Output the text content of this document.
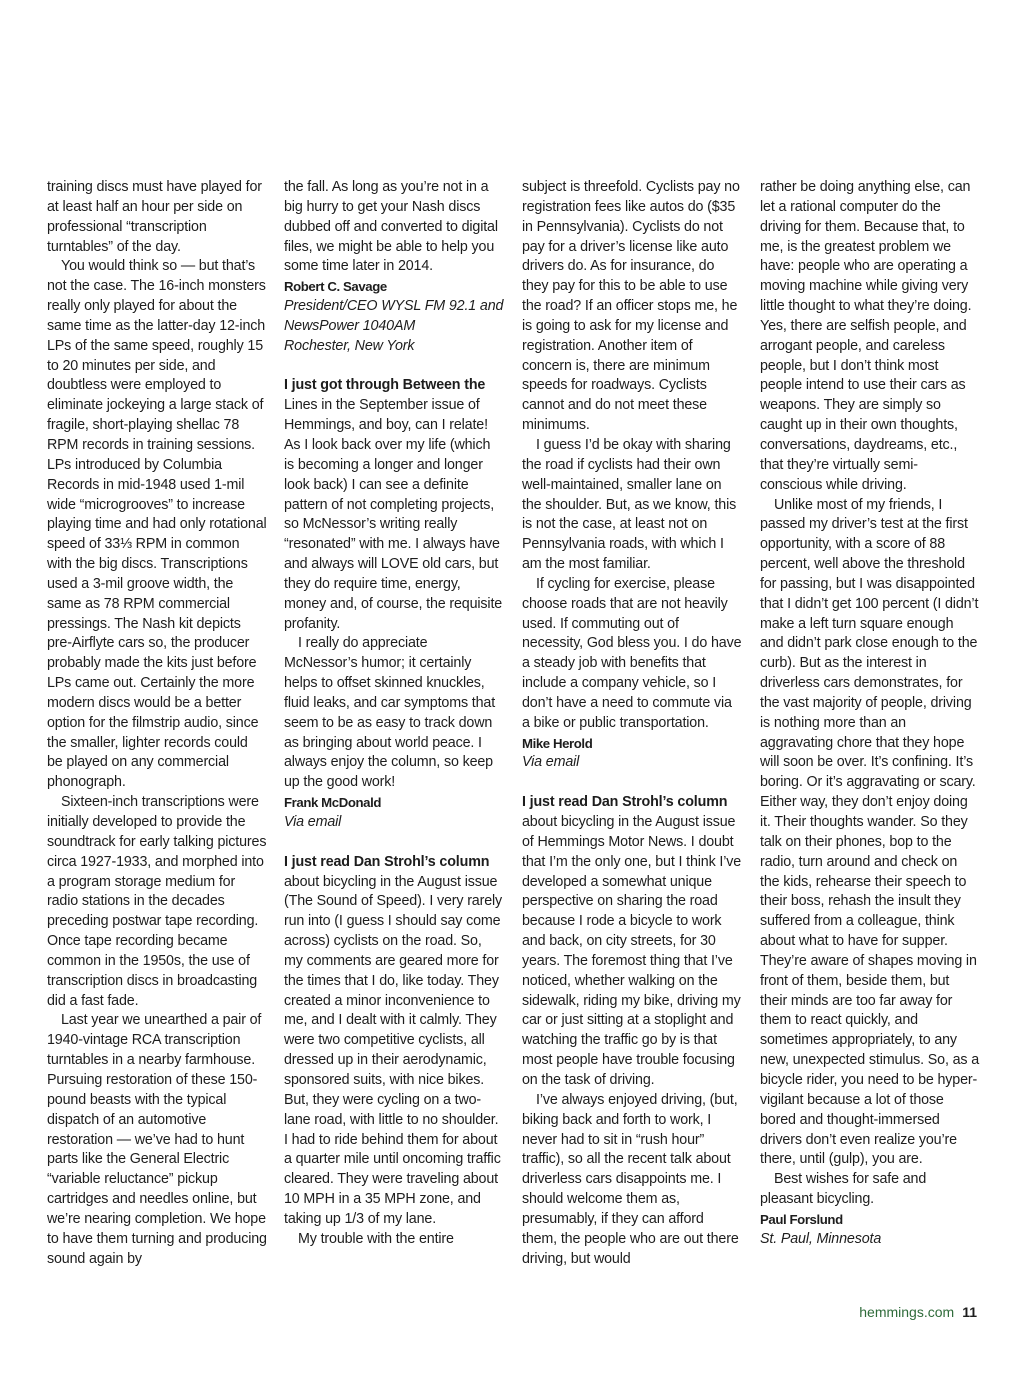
training discs must have played for at least half an hour per side on professional “transcription turntables” of the day.

You would think so — but that’s not the case. The 16-inch monsters really only played for about the same time as the latter-day 12-inch LPs of the same speed, roughly 15 to 20 minutes per side, and doubtless were employed to eliminate jockeying a large stack of fragile, short-playing shellac 78 RPM records in training sessions. LPs introduced by Columbia Records in mid-1948 used 1-mil wide “microgrooves” to increase playing time and had only rotational speed of 33⅓ RPM in common with the big discs. Transcriptions used a 3-mil groove width, the same as 78 RPM commercial pressings. The Nash kit depicts pre-Airflyte cars so, the producer probably made the kits just before LPs came out. Certainly the more modern discs would be a better option for the filmstrip audio, since the smaller, lighter records could be played on any commercial phonograph.

Sixteen-inch transcriptions were initially developed to provide the soundtrack for early talking pictures circa 1927-1933, and morphed into a program storage medium for radio stations in the decades preceding postwar tape recording. Once tape recording became common in the 1950s, the use of transcription discs in broadcasting did a fast fade.

Last year we unearthed a pair of 1940-vintage RCA transcription turntables in a nearby farmhouse. Pursuing restoration of these 150-pound beasts with the typical dispatch of an automotive restoration — we’ve had to hunt parts like the General Electric “variable reluctance” pickup cartridges and needles online, but we’re nearing completion. We hope to have them turning and producing sound again by

the fall. As long as you’re not in a big hurry to get your Nash discs dubbed off and converted to digital files, we might be able to help you some time later in 2014.

Robert C. Savage

President/CEO WYSL FM 92.1 and NewsPower 1040AM

Rochester, New York

I just got through Between the Lines in the September issue of Hemmings, and boy, can I relate! As I look back over my life (which is becoming a longer and longer look back) I can see a definite pattern of not completing projects, so McNessor’s writing really “resonated” with me. I always have and always will LOVE old cars, but they do require time, energy, money and, of course, the requisite profanity.

I really do appreciate McNessor’s humor; it certainly helps to offset skinned knuckles, fluid leaks, and car symptoms that seem to be as easy to track down as bringing about world peace. I always enjoy the column, so keep up the good work!

Frank McDonald

Via email

I just read Dan Strohl’s column about bicycling in the August issue (The Sound of Speed). I very rarely run into (I guess I should say come across) cyclists on the road. So, my comments are geared more for the times that I do, like today. They created a minor inconvenience to me, and I dealt with it calmly. They were two competitive cyclists, all dressed up in their aerodynamic, sponsored suits, with nice bikes. But, they were cycling on a two-lane road, with little to no shoulder. I had to ride behind them for about a quarter mile until oncoming traffic cleared. They were traveling about 10 MPH in a 35 MPH zone, and taking up 1/3 of my lane.

My trouble with the entire

subject is threefold. Cyclists pay no registration fees like autos do ($35 in Pennsylvania). Cyclists do not pay for a driver’s license like auto drivers do. As for insurance, do they pay for this to be able to use the road? If an officer stops me, he is going to ask for my license and registration. Another item of concern is, there are minimum speeds for roadways. Cyclists cannot and do not meet these minimums.

I guess I’d be okay with sharing the road if cyclists had their own well-maintained, smaller lane on the shoulder. But, as we know, this is not the case, at least not on Pennsylvania roads, with which I am the most familiar.

If cycling for exercise, please choose roads that are not heavily used. If commuting out of necessity, God bless you. I do have a steady job with benefits that include a company vehicle, so I don’t have a need to commute via a bike or public transportation.

Mike Herold

Via email

I just read Dan Strohl’s column about bicycling in the August issue of Hemmings Motor News. I doubt that I’m the only one, but I think I’ve developed a somewhat unique perspective on sharing the road because I rode a bicycle to work and back, on city streets, for 30 years. The foremost thing that I’ve noticed, whether walking on the sidewalk, riding my bike, driving my car or just sitting at a stoplight and watching the traffic go by is that most people have trouble focusing on the task of driving.

I’ve always enjoyed driving, (but, biking back and forth to work, I never had to sit in “rush hour” traffic), so all the recent talk about driverless cars disappoints me. I should welcome them as, presumably, if they can afford them, the people who are out there driving, but would

rather be doing anything else, can let a rational computer do the driving for them. Because that, to me, is the greatest problem we have: people who are operating a moving machine while giving very little thought to what they’re doing. Yes, there are selfish people, and arrogant people, and careless people, but I don’t think most people intend to use their cars as weapons. They are simply so caught up in their own thoughts, conversations, daydreams, etc., that they’re virtually semi-conscious while driving.

Unlike most of my friends, I passed my driver’s test at the first opportunity, with a score of 88 percent, well above the threshold for passing, but I was disappointed that I didn’t get 100 percent (I didn’t make a left turn square enough and didn’t park close enough to the curb). But as the interest in driverless cars demonstrates, for the vast majority of people, driving is nothing more than an aggravating chore that they hope will soon be over. It’s confining. It’s boring. Or it’s aggravating or scary. Either way, they don’t enjoy doing it. Their thoughts wander. So they talk on their phones, bop to the radio, turn around and check on the kids, rehearse their speech to their boss, rehash the insult they suffered from a colleague, think about what to have for supper. They’re aware of shapes moving in front of them, beside them, but their minds are too far away for them to react quickly, and sometimes appropriately, to any new, unexpected stimulus. So, as a bicycle rider, you need to be hyper-vigilant because a lot of those bored and thought-immersed drivers don’t even realize you’re there, until (gulp), you are.

Best wishes for safe and pleasant bicycling.

Paul Forslund

St. Paul, Minnesota

hemmings.com 11
